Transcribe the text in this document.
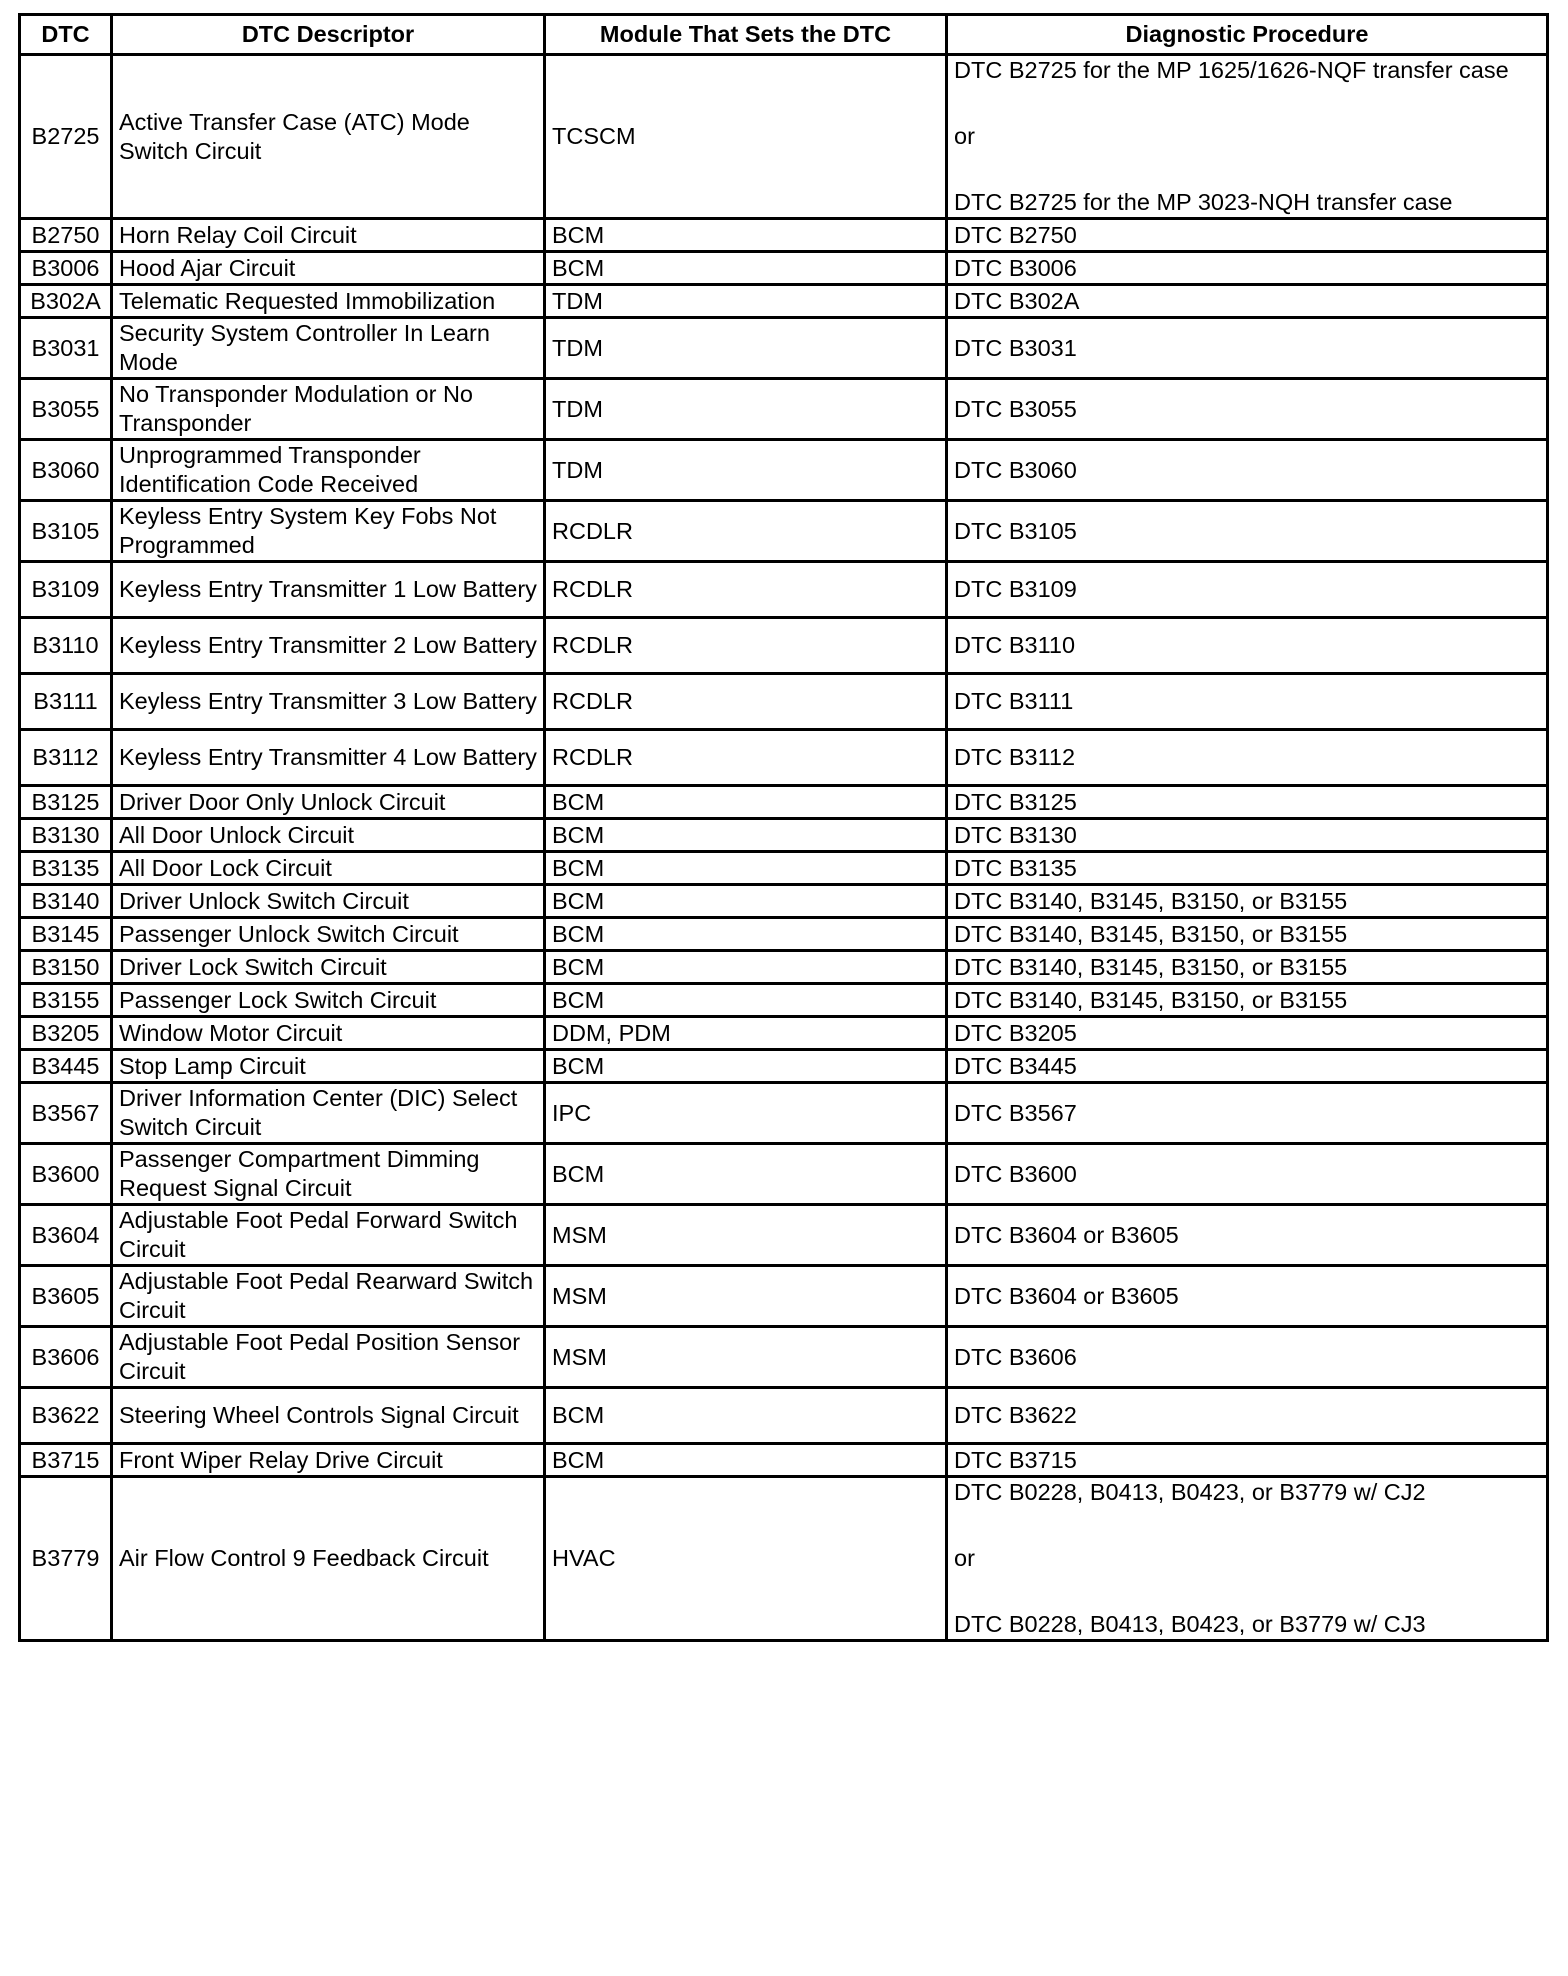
DTC	DTC Descriptor	Module That Sets the DTC	Diagnostic Procedure
B2725	Active Transfer Case (ATC) Mode Switch Circuit	TCSCM	DTC B2725 for the MP 1625/1626-NQF transfer case
or
DTC B2725 for the MP 3023-NQH transfer case

B2750	Horn Relay Coil Circuit	BCM	DTC B2750

B3006	Hood Ajar Circuit	BCM	DTC B3006

B302A	Telematic Requested Immobilization	TDM	DTC B302A

B3031	Security System Controller In Learn Mode	TDM	DTC B3031

B3055	No Transponder Modulation or No Transponder	TDM	DTC B3055

B3060	Unprogrammed Transponder Identification Code Received	TDM	DTC B3060

B3105	Keyless Entry System Key Fobs Not Programmed	RCDLR	DTC B3105

B3109	Keyless Entry Transmitter 1 Low Battery	RCDLR	DTC B3109

B3110	Keyless Entry Transmitter 2 Low Battery	RCDLR	DTC B3110

B3111	Keyless Entry Transmitter 3 Low Battery	RCDLR	DTC B3111

B3112	Keyless Entry Transmitter 4 Low Battery	RCDLR	DTC B3112

B3125	Driver Door Only Unlock Circuit	BCM	DTC B3125

B3130	All Door Unlock Circuit	BCM	DTC B3130

B3135	All Door Lock Circuit	BCM	DTC B3135

B3140	Driver Unlock Switch Circuit	BCM	DTC B3140, B3145, B3150, or B3155

B3145	Passenger Unlock Switch Circuit	BCM	DTC B3140, B3145, B3150, or B3155

B3150	Driver Lock Switch Circuit	BCM	DTC B3140, B3145, B3150, or B3155

B3155	Passenger Lock Switch Circuit	BCM	DTC B3140, B3145, B3150, or B3155

B3205	Window Motor Circuit	DDM, PDM	DTC B3205

B3445	Stop Lamp Circuit	BCM	DTC B3445

B3567	Driver Information Center (DIC) Select Switch Circuit	IPC	DTC B3567

B3600	Passenger Compartment Dimming Request Signal Circuit	BCM	DTC B3600

B3604	Adjustable Foot Pedal Forward Switch Circuit	MSM	DTC B3604 or B3605

B3605	Adjustable Foot Pedal Rearward Switch Circuit	MSM	DTC B3604 or B3605

B3606	Adjustable Foot Pedal Position Sensor Circuit	MSM	DTC B3606

B3622	Steering Wheel Controls Signal Circuit	BCM	DTC B3622

B3715	Front Wiper Relay Drive Circuit	BCM	DTC B3715

B3779	Air Flow Control 9 Feedback Circuit	HVAC	DTC B0228, B0413, B0423, or B3779 w/ CJ2
or
DTC B0228, B0413, B0423, or B3779 w/ CJ3
